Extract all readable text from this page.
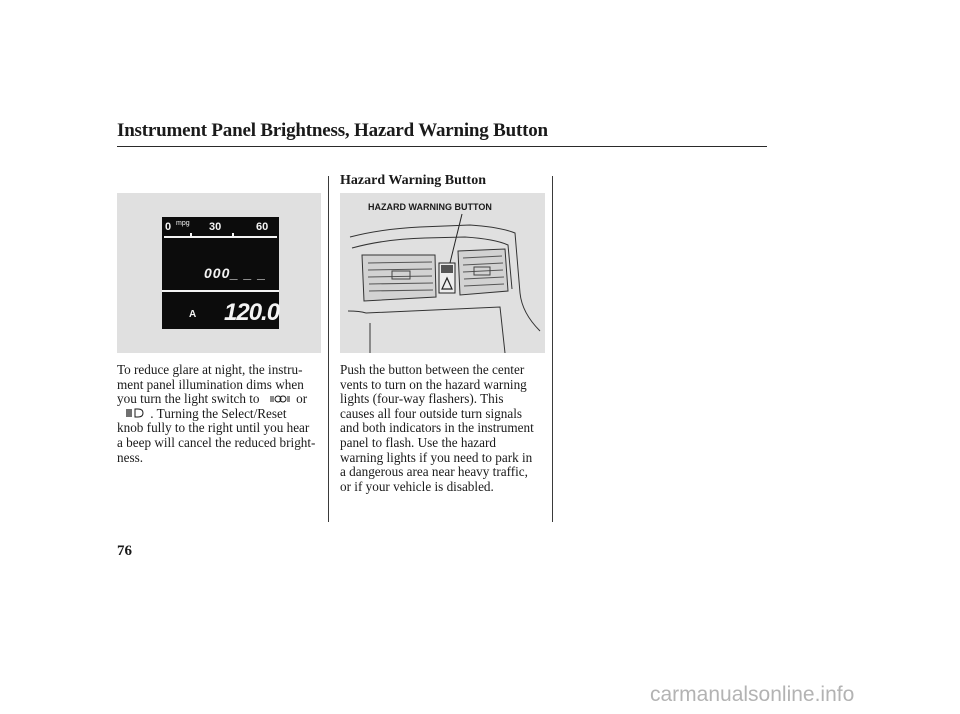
Instrument Panel Brightness, Hazard Warning Button
0 mpg 30	60
000_ _ _
A 120.0
To reduce glare at night, the instru-
ment panel illumination dims when
you turn the light switch to	or
. Turning the Select/Reset
knob fully to the right until you hear
a beep will cancel the reduced bright-
ness.
Hazard Warning Button
HAZARD WARNING BUTTON
Push the button between the center
vents to turn on the hazard warning
lights (four-way flashers). This
causes all four outside turn signals
and both indicators in the instrument
panel to flash. Use the hazard
warning lights if you need to park in
a dangerous area near heavy traffic,
or if your vehicle is disabled.
76
carmanualsonline.info
